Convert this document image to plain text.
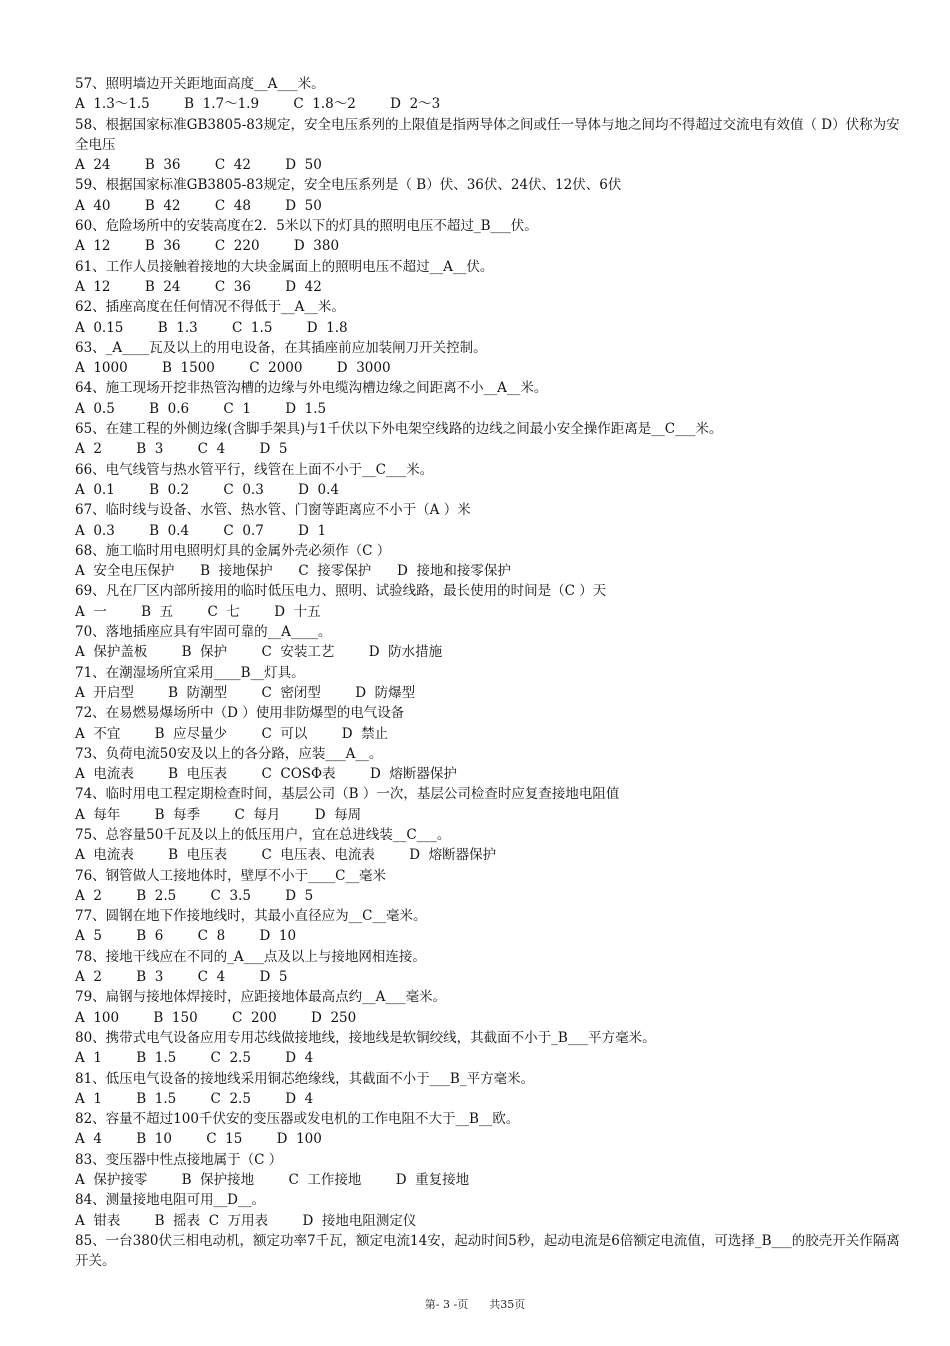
57、照明墙边开关距地面高度__A___米。
A  1.3～1.5        B  1.7～1.9        C  1.8～2        D  2～3
58、根据国家标准GB3805-83规定，安全电压系列的上限值是指两导体之间或任一导体与地之间均不得超过交流电有效值（ D）伏称为安全电压
A  24        B  36        C  42        D  50
59、根据国家标准GB3805-83规定，安全电压系列是（ B）伏、36伏、24伏、12伏、6伏
A  40        B  42        C  48        D  50
60、危险场所中的安装高度在2．5米以下的灯具的照明电压不超过_B___伏。
A  12        B  36        C  220        D  380
61、工作人员接触着接地的大块金属面上的照明电压不超过__A__伏。
A  12        B  24        C  36        D  42
62、插座高度在任何情况不得低于__A__米。
A  0.15        B  1.3        C  1.5        D  1.8
63、_A____瓦及以上的用电设备，在其插座前应加装闸刀开关控制。
A  1000        B  1500        C  2000        D  3000
64、施工现场开挖非热管沟槽的边缘与外电缆沟槽边缘之间距离不小__A__米。
A  0.5        B  0.6        C  1        D  1.5
65、在建工程的外侧边缘(含脚手架具)与1千伏以下外电架空线路的边线之间最小安全操作距离是__C___米。
A  2        B  3        C  4        D  5
66、电气线管与热水管平行，线管在上面不小于__C___米。
A  0.1        B  0.2        C  0.3        D  0.4
67、临时线与设备、水管、热水管、门窗等距离应不小于（A ）米
A  0.3        B  0.4        C  0.7        D  1
68、施工临时用电照明灯具的金属外壳必须作（C ）
A  安全电压保护      B  接地保护      C  接零保护      D  接地和接零保护
69、凡在厂区内部所接用的临时低压电力、照明、试验线路，最长使用的时间是（C ）天
A  一        B  五        C  七        D  十五
70、落地插座应具有牢固可靠的__A____。
A  保护盖板        B  保护        C  安装工艺        D  防水措施
71、在潮湿场所宜采用____B__灯具。
A  开启型        B  防潮型        C  密闭型        D  防爆型
72、在易燃易爆场所中（D ）使用非防爆型的电气设备
A  不宜        B  应尽量少        C  可以        D  禁止
73、负荷电流50安及以上的各分路，应装___A__。
A  电流表        B  电压表        C  COSΦ表        D  熔断器保护
74、临时用电工程定期检查时间，基层公司（B ）一次，基层公司检查时应复查接地电阻值
A  每年        B  每季        C  每月        D  每周
75、总容量50千瓦及以上的低压用户，宜在总进线装__C___。
A  电流表        B  电压表        C  电压表、电流表        D  熔断器保护
76、钢管做人工接地体时，壁厚不小于____C__毫米
A  2        B  2.5        C  3.5        D  5
77、圆钢在地下作接地线时，其最小直径应为__C__毫米。
A  5        B  6        C  8        D  10
78、接地干线应在不同的_A___点及以上与接地网相连接。
A  2        B  3        C  4        D  5
79、扁钢与接地体焊接时，应距接地体最高点约__A___毫米。
A  100        B  150        C  200        D  250
80、携带式电气设备应用专用芯线做接地线，接地线是软铜绞线，其截面不小于_B___平方毫米。
A  1        B  1.5        C  2.5        D  4
81、低压电气设备的接地线采用铜芯绝缘线，其截面不小于___B_平方毫米。
A  1        B  1.5        C  2.5        D  4
82、容量不超过100千伏安的变压器或发电机的工作电阻不大于__B__欧。
A  4        B  10        C  15        D  100
83、变压器中性点接地属于（C ）
A  保护接零        B  保护接地        C  工作接地        D  重复接地
84、测量接地电阻可用__D__。
A  钳表        B  摇表  C  万用表        D  接地电阻测定仪
85、一台380伏三相电动机，额定功率7千瓦，额定电流14安，起动时间5秒，起动电流是6倍额定电流值，可选择_B___的胶壳开关作隔离开关。
第- 3 -页      共35页
